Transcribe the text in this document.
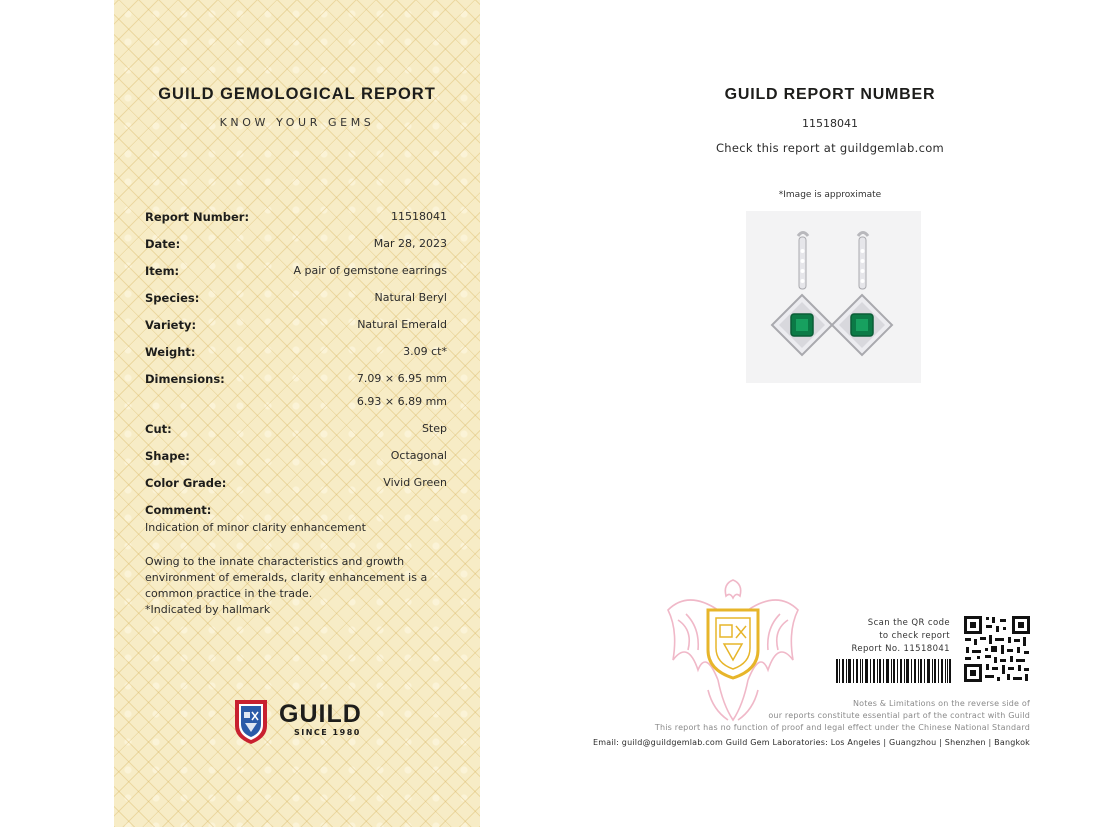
GUILD GEMOLOGICAL REPORT
KNOW YOUR GEMS
Report Number:	11518041
Date:	Mar 28, 2023
Item:	A pair of gemstone earrings
Species:	Natural Beryl
Variety:	Natural Emerald
Weight:	3.09 ct*
Dimensions:	7.09 × 6.95 mm
6.93 × 6.89 mm
Cut:	Step
Shape:	Octagonal
Color Grade:	Vivid Green
Comment:
Indication of minor clarity enhancement
Owing to the innate characteristics and growth
environment of emeralds, clarity enhancement is a
common practice in the trade.
*Indicated by hallmark
GUILD
SINCE 1980
GUILD REPORT NUMBER
11518041
Check this report at guildgemlab.com
*Image is approximate
Scan the QR code
to check report
Report No. 11518041
Notes & Limitations on the reverse side of
our reports constitute essential part of the contract with Guild
This report has no function of proof and legal effect under the Chinese National Standard
Email: guild@guildgemlab.com Guild Gem Laboratories: Los Angeles | Guangzhou | Shenzhen | Bangkok
